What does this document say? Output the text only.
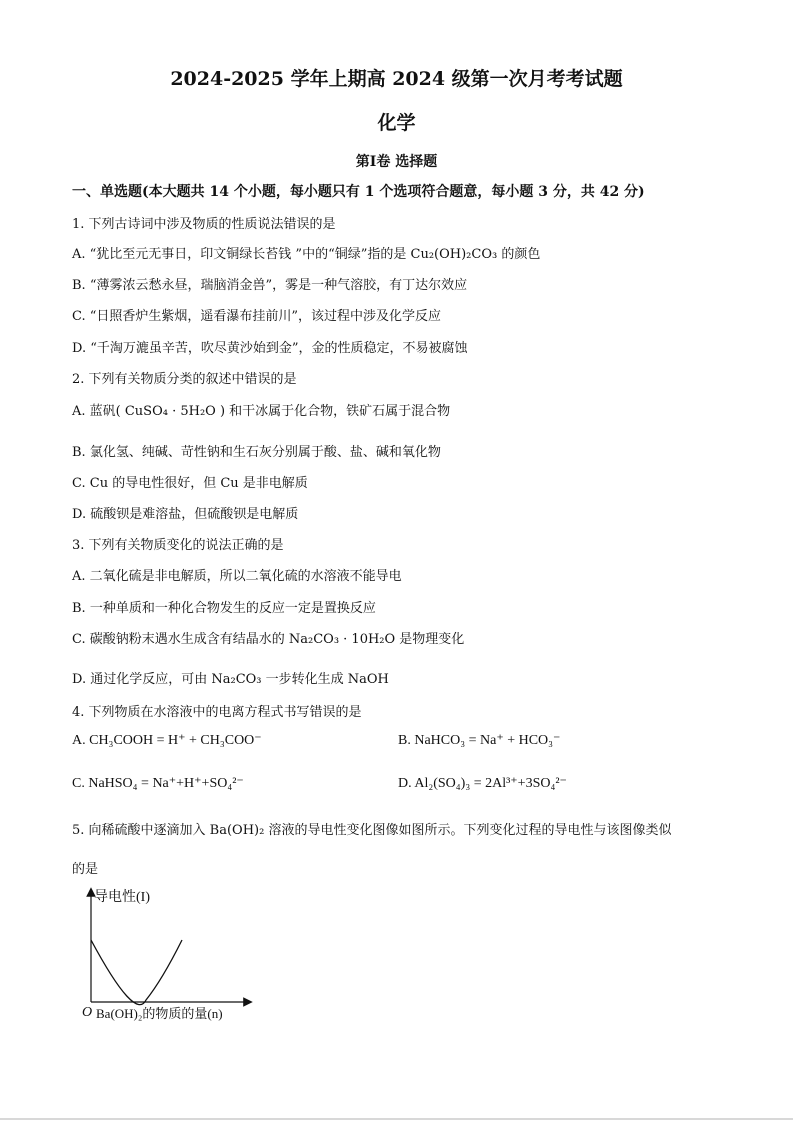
2024-2025 学年上期高 2024 级第一次月考考试题
化学
第Ⅰ卷 选择题
一、单选题(本大题共 14 个小题，每小题只有 1 个选项符合题意，每小题 3 分，共 42 分)
1. 下列古诗词中涉及物质的性质说法错误的是
A. “犹比至元无事日，印文铜绿长苔钱 ”中的“铜绿”指的是 Cu₂(OH)₂CO₃ 的颜色
B. “薄雾浓云愁永昼，瑞脑消金兽”，雾是一种气溶胶，有丁达尔效应
C. “日照香炉生紫烟，遥看瀑布挂前川”，该过程中涉及化学反应
D. “千淘万漉虽辛苦，吹尽黄沙始到金”，金的性质稳定，不易被腐蚀
2. 下列有关物质分类的叙述中错误的是
A. 蓝矾( CuSO₄ · 5H₂O ) 和干冰属于化合物，铁矿石属于混合物
B. 氯化氢、纯碱、苛性钠和生石灰分别属于酸、盐、碱和氧化物
C. Cu 的导电性很好，但 Cu 是非电解质
D. 硫酸钡是难溶盐，但硫酸钡是电解质
3. 下列有关物质变化的说法正确的是
A. 二氧化硫是非电解质，所以二氧化硫的水溶液不能导电
B. 一种单质和一种化合物发生的反应一定是置换反应
C. 碳酸钠粉末遇水生成含有结晶水的 Na₂CO₃ · 10H₂O 是物理变化
D. 通过化学反应，可由 Na₂CO₃ 一步转化生成 NaOH
4. 下列物质在水溶液中的电离方程式书写错误的是
A. CH₃COOH = H⁺ + CH₃COO⁻	B. NaHCO₃ = Na⁺ + HCO₃⁻
C. NaHSO₄ = Na⁺+H⁺+SO₄²⁻	D. Al₂(SO₄)₃ = 2Al³⁺+3SO₄²⁻
5. 向稀硫酸中逐滴加入 Ba(OH)₂ 溶液的导电性变化图像如图所示。下列变化过程的导电性与该图像类似
的是
导电性(I)
O Ba(OH)₂的物质的量(n)
